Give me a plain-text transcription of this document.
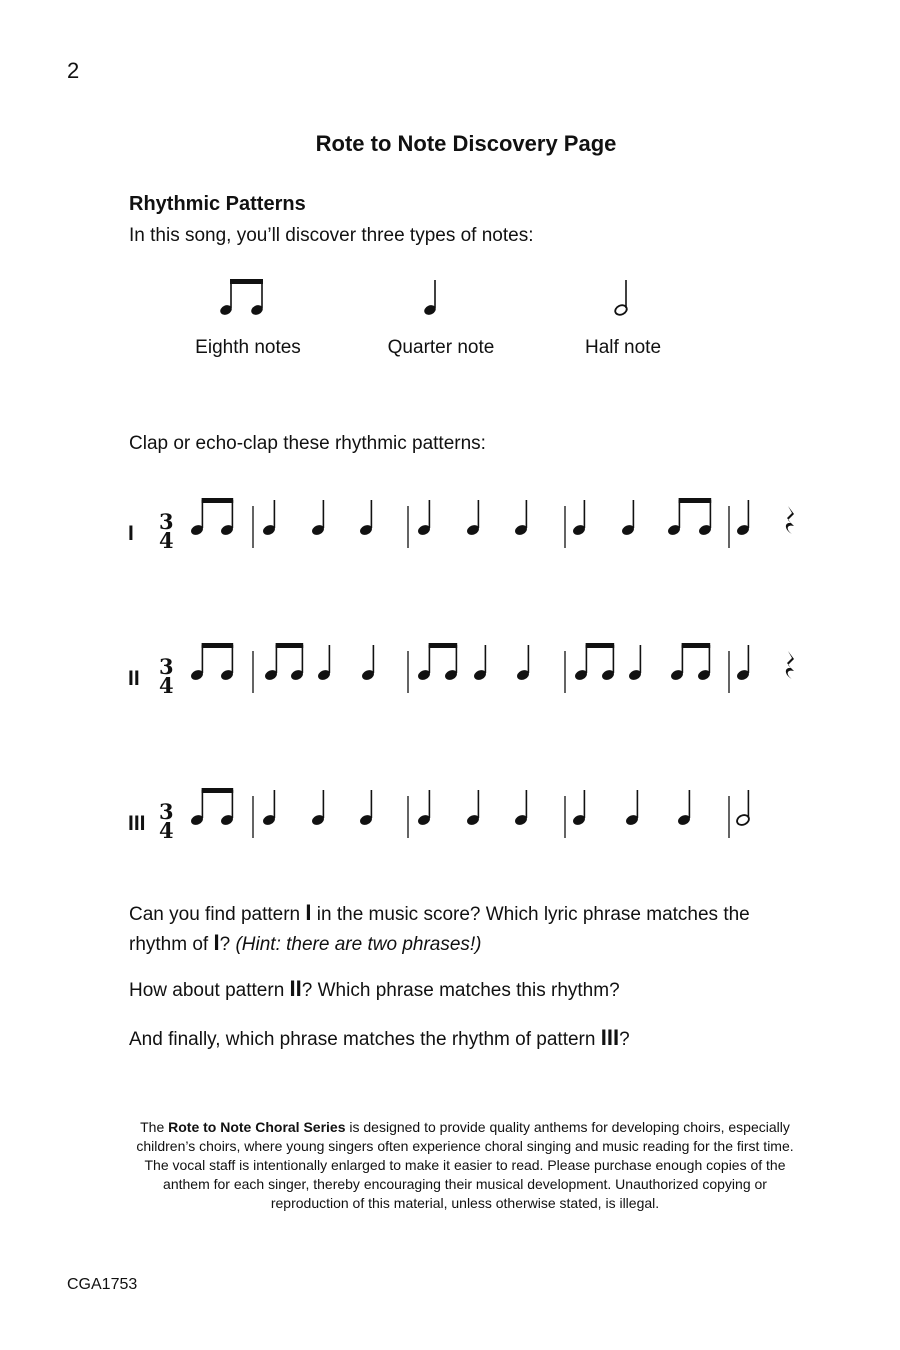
2
Rote to Note Discovery Page
Rhythmic Patterns
In this song, you’ll discover three types of notes:
I 3
4
II 3
4
III 3
4
Eighth notes	Quarter note	Half note
Clap or echo-clap these rhythmic patterns:
Can you find pattern I in the music score? Which lyric phrase matches the
rhythm of I? (Hint: there are two phrases!)
How about pattern II? Which phrase matches this rhythm?
And finally, which phrase matches the rhythm of pattern III?
The Rote to Note Choral Series is designed to provide quality anthems for developing choirs, especially children’s choirs, where young singers often experience choral singing and music reading for the first time. The vocal staff is intentionally enlarged to make it easier to read. Please purchase enough copies of the anthem for each singer, thereby encouraging their musical development. Unauthorized copying or reproduction of this material, unless otherwise stated, is illegal.
CGA1753
